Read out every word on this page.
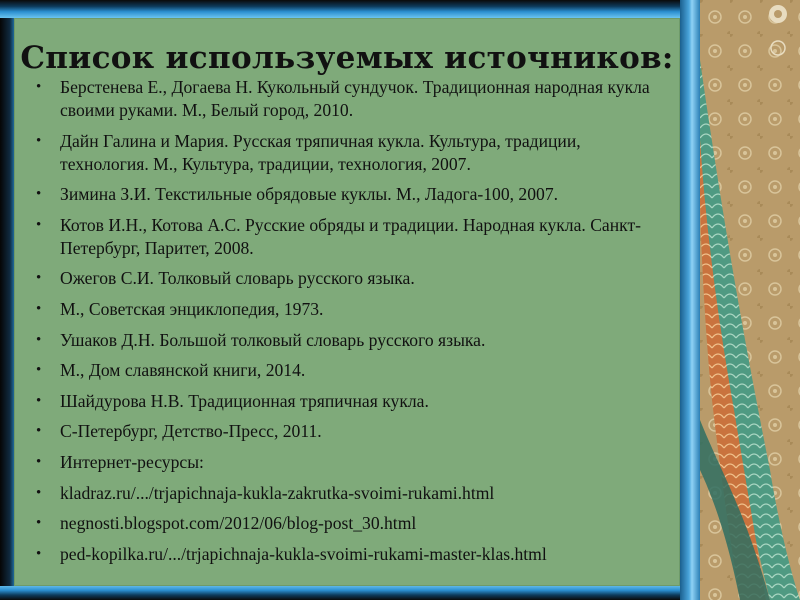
Список используемых источников:
• Берстенева Е., Догаева Н. Кукольный сундучок. Традиционная народная кукла своими руками. М., Белый город, 2010.
• Дайн Галина и Мария. Русская тряпичная кукла. Культура, традиции, технология. М., Культура, традиции, технология, 2007.
• Зимина З.И. Текстильные обрядовые куклы. М., Ладога-100, 2007.
• Котов И.Н., Котова А.С. Русские обряды и традиции. Народная кукла. Санкт-Петербург, Паритет, 2008.
• Ожегов С.И. Толковый словарь русского языка.
• М., Советская энциклопедия, 1973.
• Ушаков Д.Н. Большой толковый словарь русского языка.
• М., Дом славянской книги, 2014.
• Шайдурова Н.В. Традиционная тряпичная кукла.
• С-Петербург, Детство-Пресс, 2011.
• Интернет-ресурсы:
• kladraz.ru/.../trjapichnaja-kukla-zakrutka-svoimi-rukami.html
• negnosti.blogspot.com/2012/06/blog-post_30.html
• ped-kopilka.ru/.../trjapichnaja-kukla-svoimi-rukami-master-klas.html
